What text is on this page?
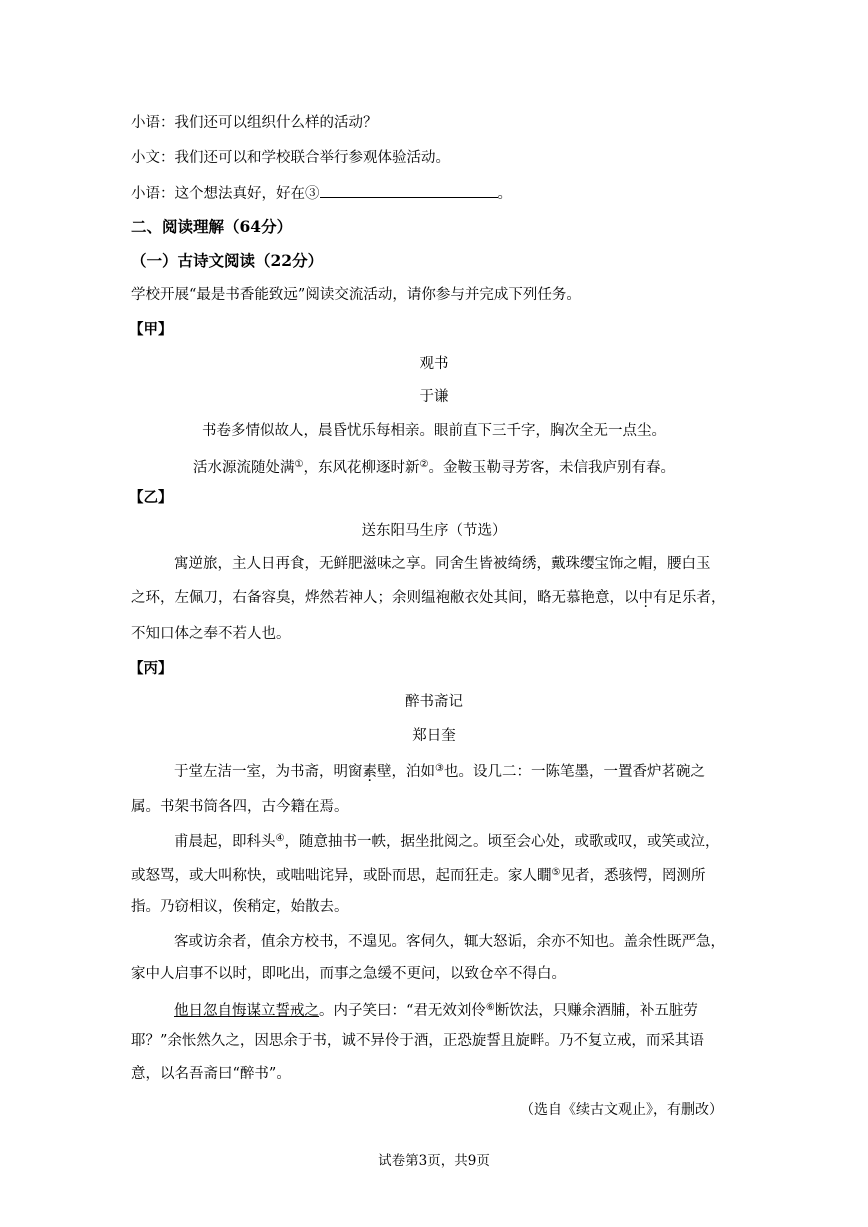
小语：我们还可以组织什么样的活动？
小文：我们还可以和学校联合举行参观体验活动。
小语：这个想法真好，好在③	。
二、阅读理解（64分）
（一）古诗文阅读（22分）
学校开展“最是书香能致远”阅读交流活动，请你参与并完成下列任务。
【甲】
观书
于谦
书卷多情似故人，晨昏忧乐每相亲。眼前直下三千字，胸次全无一点尘。
活水源流随处满①，东风花柳逐时新②。金鞍玉勒寻芳客，未信我庐别有春。
【乙】
送东阳马生序（节选）
寓逆旅，主人日再食，无鲜肥滋味之享。同舍生皆被绮绣，戴珠缨宝饰之帽，腰白玉
之环，左佩刀，右备容臭，烨然若神人；余则缊袍敝衣处其间，略无慕艳意，以中有足乐者，
不知口体之奉不若人也。
【丙】
醉书斋记
郑日奎
于堂左洁一室，为书斋，明窗素壁，泊如③也。设几二：一陈笔墨，一置香炉茗碗之
属。书架书筒各四，古今籍在焉。
甫晨起，即科头④，随意抽书一帙，据坐批阅之。顷至会心处，或歌或叹，或笑或泣，
或怒骂，或大叫称快，或咄咄诧异，或卧而思，起而狂走。家人瞯⑤见者，悉骇愕，罔测所
指。乃窃相议，俟稍定，始散去。
客或访余者，值余方校书，不遑见。客伺久，辄大怒诟，余亦不知也。盖余性既严急，
家中人启事不以时，即叱出，而事之急缓不更问，以致仓卒不得白。
他日忽自悔谋立誓戒之。内子笑曰：“君无效刘伶⑥断饮法，只赚余酒脯，补五脏劳
耶？”余怅然久之，因思余于书，诚不异伶于酒，正恐旋誓且旋畔。乃不复立戒，而采其语
意，以名吾斋曰“醉书”。
（选自《续古文观止》，有删改）
试卷第3页，共9页
